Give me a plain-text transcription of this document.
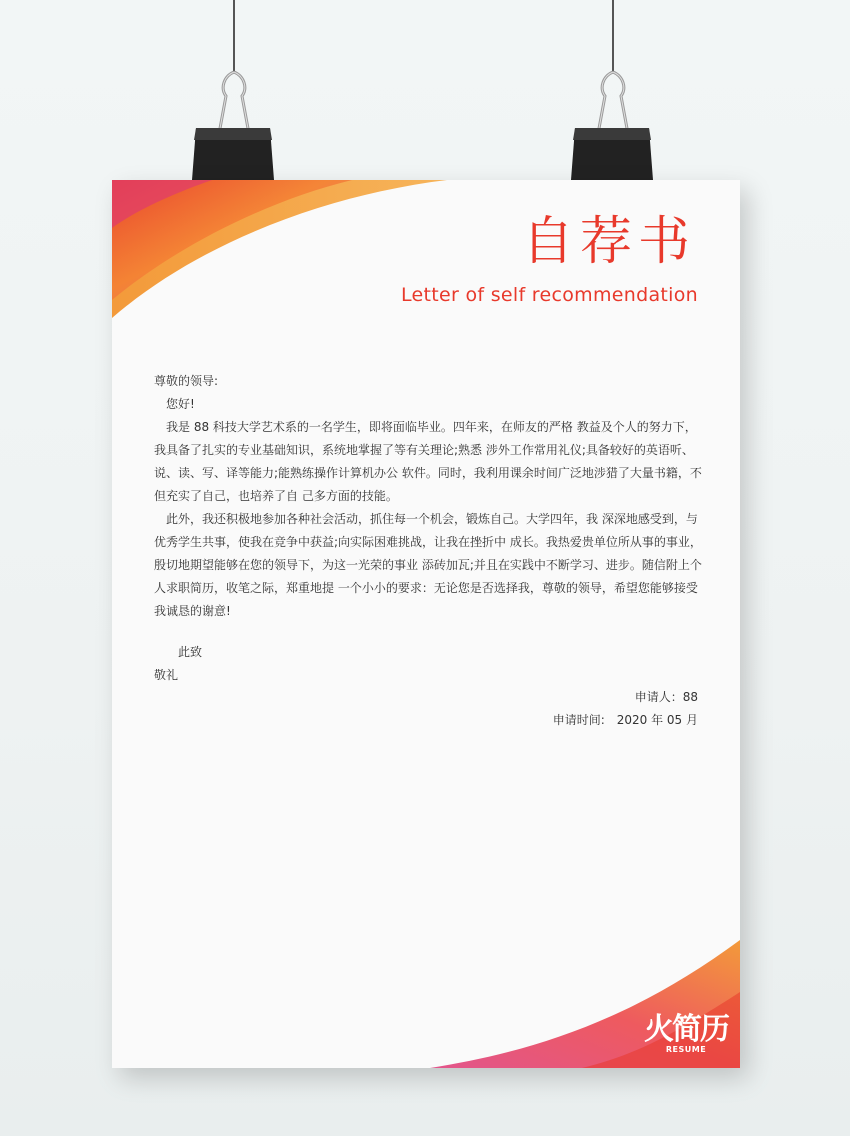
自荐书
Letter of self recommendation

尊敬的领导:

您好!

我是 88 科技大学艺术系的一名学生，即将面临毕业。四年来，在师友的严格 教益及个人的努力下，我具备了扎实的专业基础知识，系统地掌握了等有关理论;熟悉 涉外工作常用礼仪;具备较好的英语听、说、读、写、译等能力;能熟练操作计算机办公 软件。同时，我利用课余时间广泛地涉猎了大量书籍，不但充实了自己，也培养了自 己多方面的技能。

此外，我还积极地参加各种社会活动，抓住每一个机会，锻炼自己。大学四年，我 深深地感受到，与优秀学生共事，使我在竞争中获益;向实际困难挑战，让我在挫折中 成长。我热爱贵单位所从事的事业，殷切地期望能够在您的领导下，为这一光荣的事业 添砖加瓦;并且在实践中不断学习、进步。随信附上个人求职简历，收笔之际，郑重地提 一个小小的要求：无论您是否选择我，尊敬的领导，希望您能够接受我诚恳的谢意!

此致

敬礼

申请人：88
申请时间:　2020 年 05 月
火简历
RESUME
